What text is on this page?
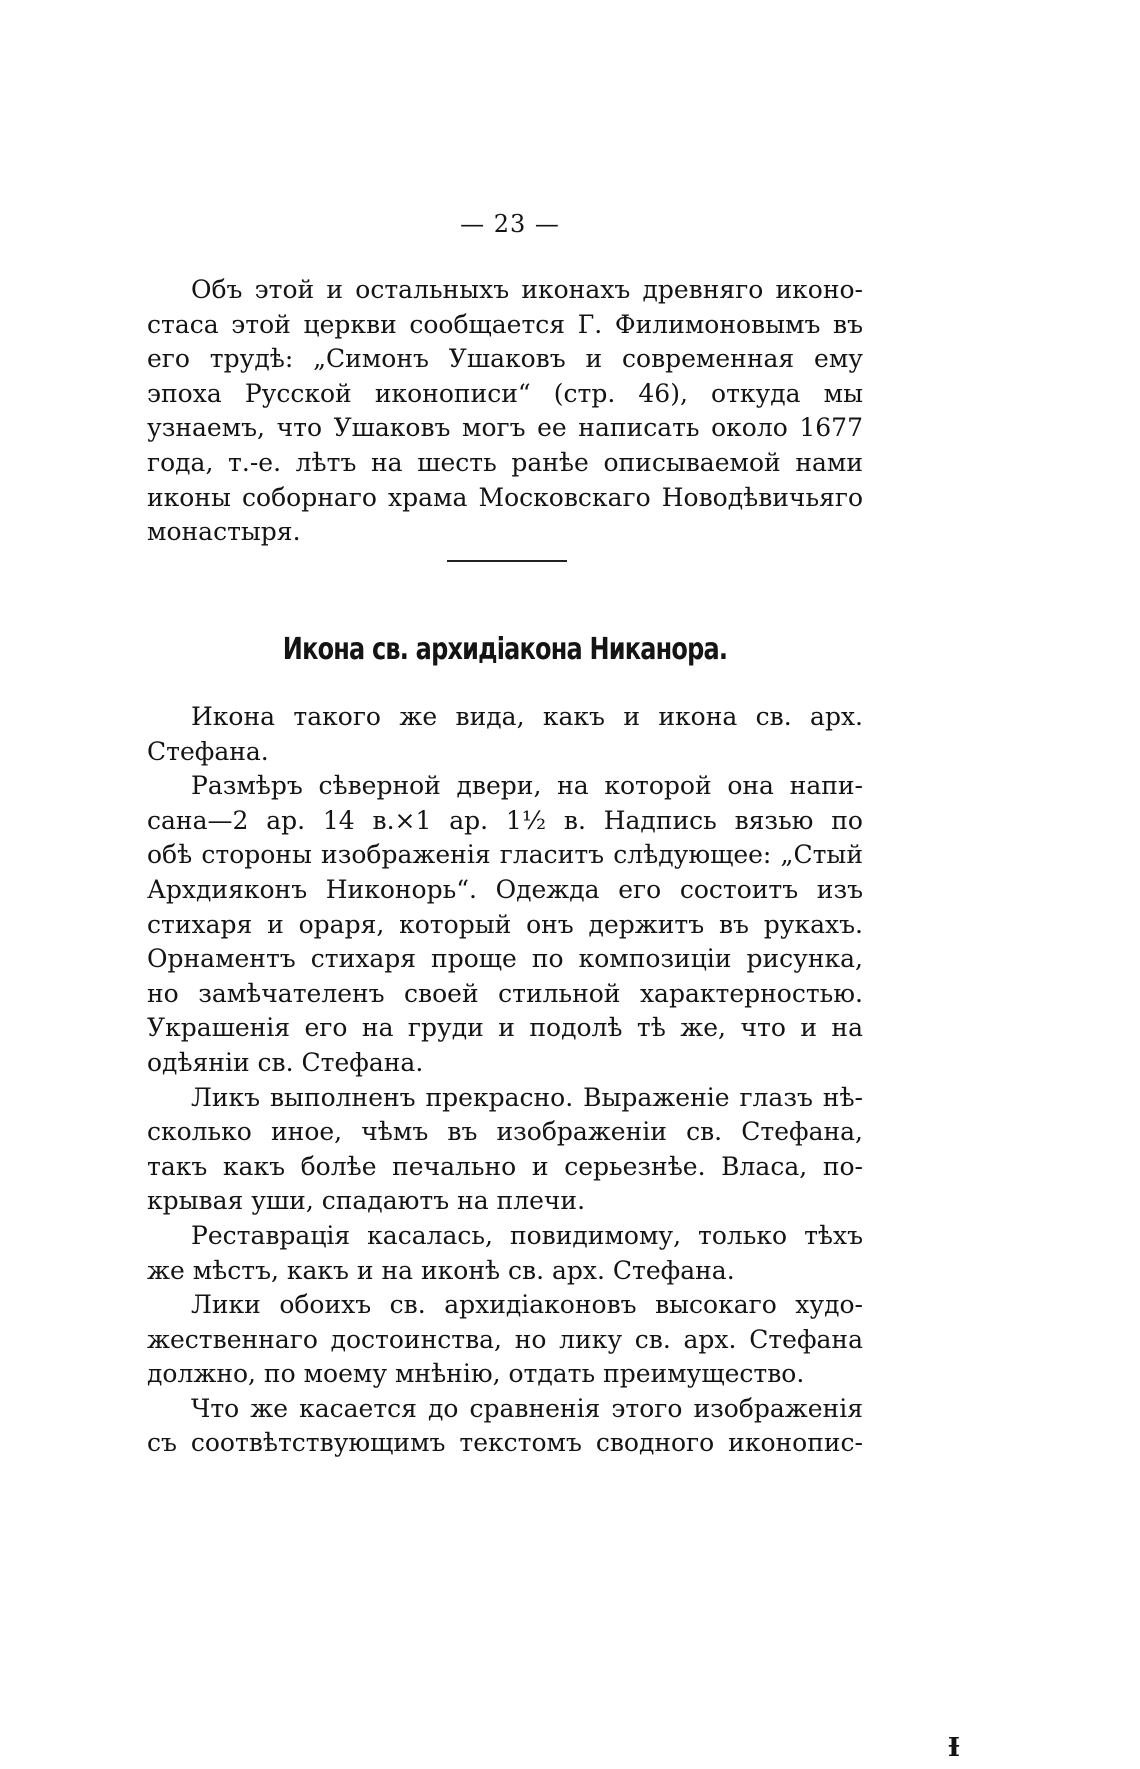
— 23 —
Объ этой и остальныхъ иконахъ древняго иконо-
стаса этой церкви сообщается Г. Филимоновымъ въ
его трудѣ: „Симонъ Ушаковъ и современная ему
эпоха Русской иконописи“ (стр. 46), откуда мы
узнаемъ, что Ушаковъ могъ ее написать около 1677
года, т.-е. лѣтъ на шесть ранѣе описываемой нами
иконы соборнаго храма Московскаго Новодѣвичьяго
монастыря.
Икона св. архидіакона Никанора.
Икона такого же вида, какъ и икона св. арх.
Стефана.
Размѣръ сѣверной двери, на которой она напи-
сана—2 ар. 14 в.×1 ар. 1½ в. Надпись вязью по
обѣ стороны изображенія гласитъ слѣдующее: „Стый
Архдияконъ Никонорь“. Одежда его состоитъ изъ
стихаря и ораря, который онъ держитъ въ рукахъ.
Орнаментъ стихаря проще по композиціи рисунка,
но замѣчателенъ своей стильной характерностью.
Украшенія его на груди и подолѣ тѣ же, что и на
одѣяніи св. Стефана.
Ликъ выполненъ прекрасно. Выраженіе глазъ нѣ-
сколько иное, чѣмъ въ изображеніи св. Стефана,
такъ какъ болѣе печально и серьезнѣе. Власа, по-
крывая уши, спадаютъ на плечи.
Реставрація касалась, повидимому, только тѣхъ
же мѣстъ, какъ и на иконѣ св. арх. Стефана.
Лики обоихъ св. архидіаконовъ высокаго худо-
жественнаго достоинства, но лику св. арх. Стефана
должно, по моему мнѣнію, отдать преимущество.
Что же касается до сравненія этого изображенія
съ соотвѣтствующимъ текстомъ сводного иконопис-
Ɨ
